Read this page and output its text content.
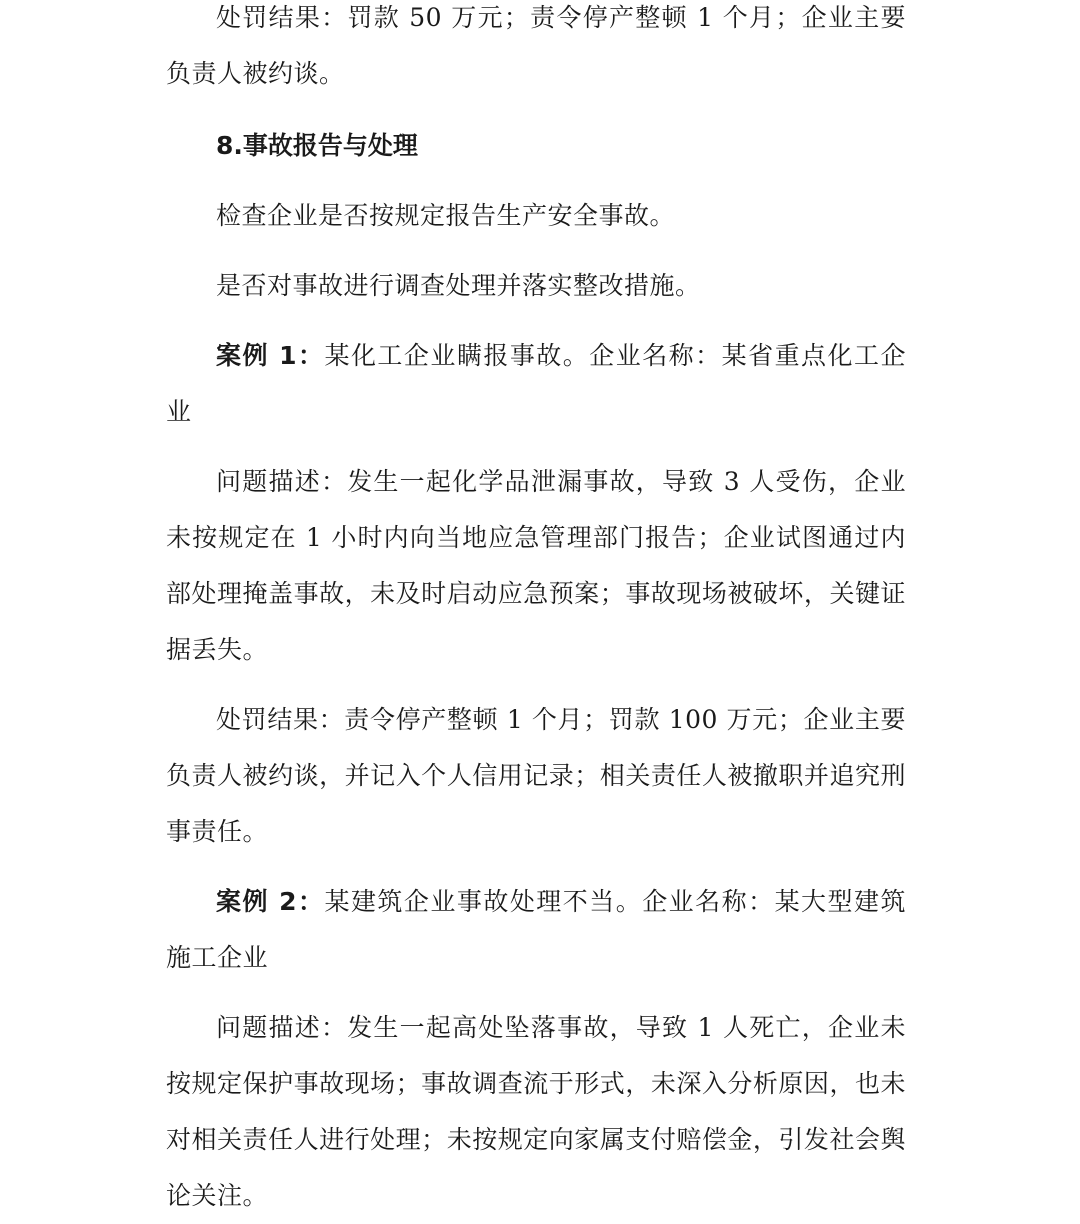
处罚结果：罚款 50 万元；责令停产整顿 1 个月；企业主要负责人被约谈。

8.事故报告与处理

检查企业是否按规定报告生产安全事故。

是否对事故进行调查处理并落实整改措施。

案例 1：某化工企业瞒报事故。企业名称：某省重点化工企业

问题描述：发生一起化学品泄漏事故，导致 3 人受伤，企业未按规定在 1 小时内向当地应急管理部门报告；企业试图通过内部处理掩盖事故，未及时启动应急预案；事故现场被破坏，关键证据丢失。

处罚结果：责令停产整顿 1 个月；罚款 100 万元；企业主要负责人被约谈，并记入个人信用记录；相关责任人被撤职并追究刑事责任。

案例 2：某建筑企业事故处理不当。企业名称：某大型建筑施工企业

问题描述：发生一起高处坠落事故，导致 1 人死亡，企业未按规定保护事故现场；事故调查流于形式，未深入分析原因，也未对相关责任人进行处理；未按规定向家属支付赔偿金，引发社会舆论关注。
